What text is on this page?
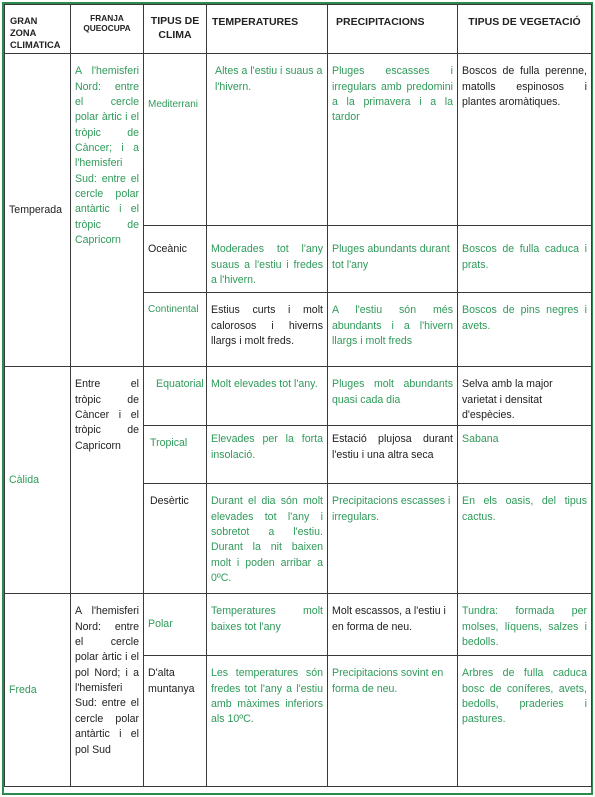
GRAN ZONA CLIMATICA	FRANJA QUEOCUPA	TIPUS DE CLIMA	TEMPERATURES	PRECIPITACIONS	TIPUS DE VEGETACIÓ
Temperada	A l'hemisferi Nord: entre el cercle polar àrtic i el tròpic de Càncer; i a l'hemisferi Sud: entre el cercle polar antàrtic i el tròpic de Capricorn	Mediterrani	Altes a l'estiu i suaus a l'hivern.	Pluges escasses i irregulars amb predomini a la primavera i a la tardor	Boscos de fulla perenne, matolls espinosos i plantes aromàtiques.
		Oceànic	Moderades tot l'any suaus a l'estiu i fredes a l'hivern.	Pluges abundants durant tot l'any	Boscos de fulla caduca i prats.
		Continental	Estius curts i molt calorosos i hiverns llargs i molt freds.	A l'estiu són més abundants i a l'hivern llargs i molt freds	Boscos de pins negres i avets.
Càlida	Entre el tròpic de Càncer i el tròpic de Capricorn	Equatorial	Molt elevades tot l'any.	Pluges molt abundants quasi cada dia	Selva amb la major varietat i densitat d'espècies.
		Tropical	Elevades per la forta insolació.	Estació plujosa durant l'estiu i una altra seca	Sabana
		Desèrtic	Durant el dia són molt elevades tot l'any i sobretot a l'estiu. Durant la nit baixen molt i poden arribar a 0ºC.	Precipitacions escasses i irregulars.	En els oasis, del tipus cactus.
Freda	A l'hemisferi Nord: entre el cercle polar àrtic i el pol Nord; i a l'hemisferi Sud: entre el cercle polar antàrtic i el pol Sud	Polar	Temperatures molt baixes tot l'any	Molt escassos, a l'estiu i en forma de neu.	Tundra: formada per molses, líquens, salzes i bedolls.
		D'alta muntanya	Les temperatures són fredes tot l'any a l'estiu amb màximes inferiors als 10ºC.	Precipitacions sovint en forma de neu.	Arbres de fulla caduca bosc de coníferes, avets, bedolls, praderies i pastures.
